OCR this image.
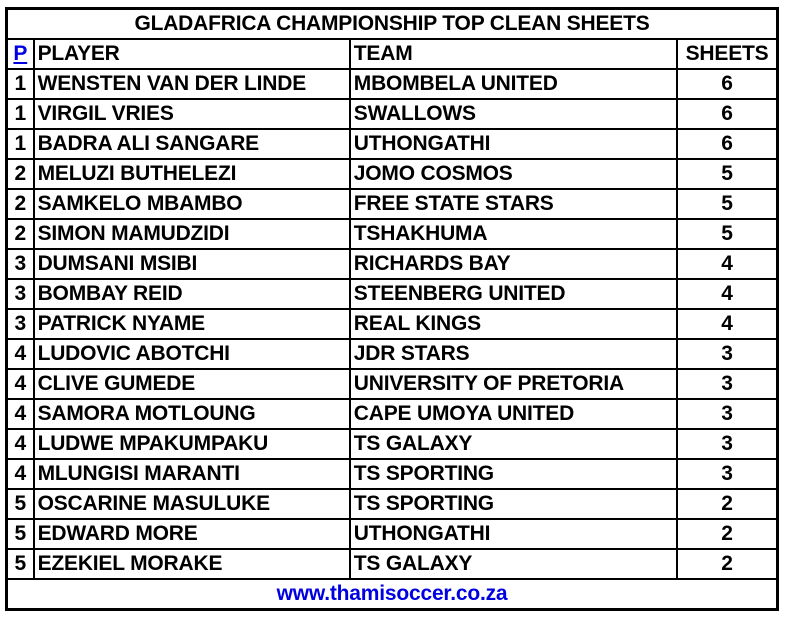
GLADAFRICA CHAMPIONSHIP TOP CLEAN SHEETS			
P	PLAYER	TEAM	SHEETS
1	WENSTEN VAN DER LINDE	MBOMBELA UNITED	6
1	VIRGIL VRIES	SWALLOWS	6
1	BADRA ALI SANGARE	UTHONGATHI	6
2	MELUZI BUTHELEZI	JOMO COSMOS	5
2	SAMKELO MBAMBO	FREE STATE STARS	5
2	SIMON MAMUDZIDI	TSHAKHUMA	5
3	DUMSANI MSIBI	RICHARDS BAY	4
3	BOMBAY REID	STEENBERG UNITED	4
3	PATRICK NYAME	REAL KINGS	4
4	LUDOVIC ABOTCHI	JDR STARS	3
4	CLIVE GUMEDE	UNIVERSITY OF PRETORIA	3
4	SAMORA MOTLOUNG	CAPE UMOYA UNITED	3
4	LUDWE MPAKUMPAKU	TS GALAXY	3
4	MLUNGISI MARANTI	TS SPORTING	3
5	OSCARINE MASULUKE	TS SPORTING	2
5	EDWARD MORE	UTHONGATHI	2
5	EZEKIEL MORAKE	TS GALAXY	2
www.thamisoccer.co.za			
